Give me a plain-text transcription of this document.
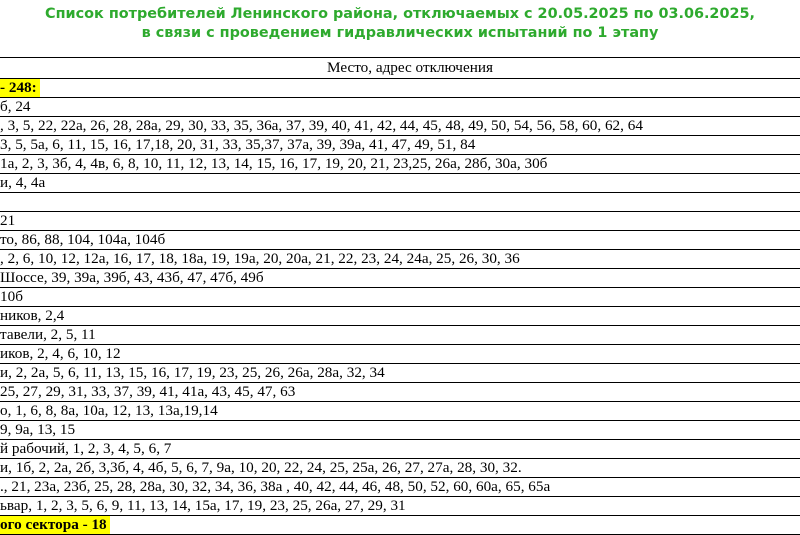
Список потребителей Ленинского района, отключаемых с 20.05.2025 по 03.06.2025,
в связи с проведением гидравлических испытаний по 1 этапу
Место, адрес отключения
- 248:
б, 24
, 3, 5, 22, 22а, 26, 28, 28а, 29, 30, 33, 35, 36а, 37, 39, 40, 41, 42, 44, 45, 48, 49, 50, 54, 56, 58, 60, 62, 64
3, 5, 5а, 6, 11, 15, 16, 17,18, 20, 31, 33, 35,37, 37а, 39, 39а, 41, 47, 49, 51, 84
1а, 2, 3, 3б, 4, 4в, 6, 8, 10, 11, 12, 13, 14, 15, 16, 17, 19, 20, 21, 23,25, 26а, 28б, 30а, 30б
и, 4, 4а
21
то, 86, 88, 104, 104а, 104б
, 2, 6, 10, 12, 12а, 16, 17, 18, 18а, 19, 19а, 20, 20а, 21, 22, 23, 24, 24а, 25, 26, 30, 36
Шоссе, 39, 39а, 39б, 43, 43б, 47, 47б, 49б
10б
ников, 2,4
тавели, 2, 5, 11
иков, 2, 4, 6, 10, 12
и, 2, 2а, 5, 6, 11, 13, 15, 16, 17, 19, 23, 25, 26, 26а, 28а, 32, 34
25, 27, 29, 31, 33, 37, 39, 41, 41а, 43, 45, 47, 63
о, 1, 6, 8, 8а, 10а, 12, 13, 13а,19,14
9, 9а, 13, 15
й рабочий, 1, 2, 3, 4, 5, 6, 7
и, 1б, 2, 2а, 2б, 3,3б, 4, 4б, 5, 6, 7, 9а, 10, 20, 22, 24, 25, 25а, 26, 27, 27а, 28, 30, 32.
., 21, 23а, 23б, 25, 28, 28а, 30, 32, 34, 36, 38а , 40, 42, 44, 46, 48, 50, 52, 60, 60а, 65, 65а
ьвар, 1, 2, 3, 5, 6, 9, 11, 13, 14, 15а, 17, 19, 23, 25, 26а, 27, 29, 31
ого сектора - 18
